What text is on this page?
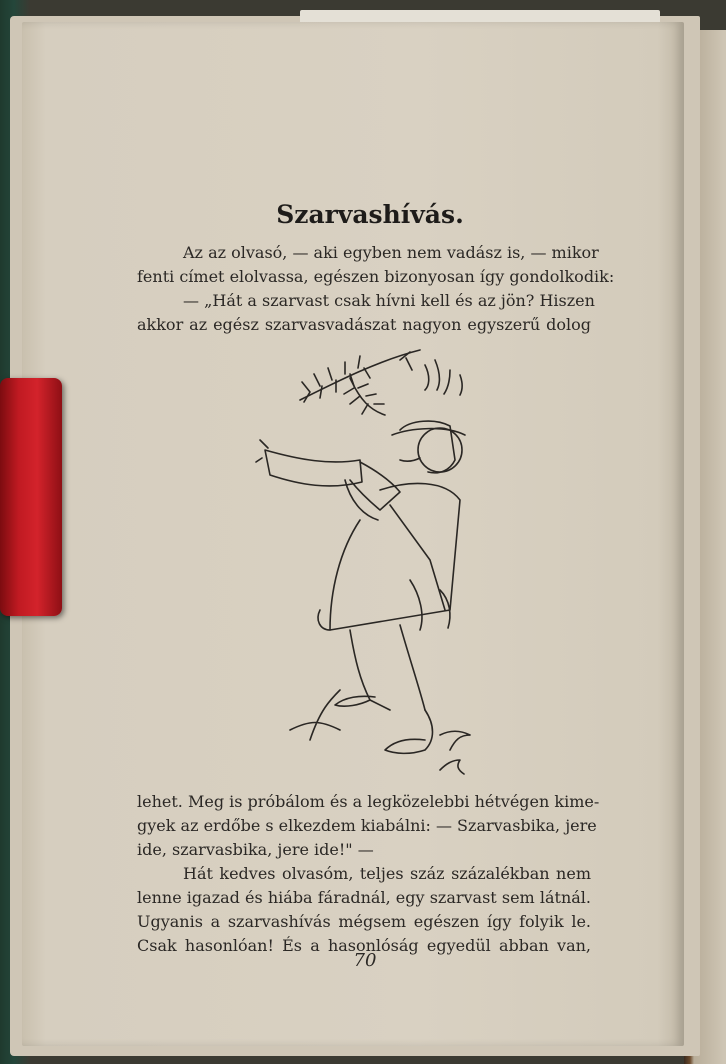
Szarvashívás.
Az az olvasó, — aki egyben nem vadász is, — mikor
fenti címet elolvassa, egészen bizonyosan így gondolkodik:
— „Hát a szarvast csak hívni kell és az jön? Hiszen
akkor az egész szarvasvadászat nagyon egyszerű dolog
lehet. Meg is próbálom és a legközelebbi hétvégen kime-
gyek az erdőbe s elkezdem kiabálni: — Szarvasbika, jere
ide, szarvasbika, jere ide!" —
Hát kedves olvasóm, teljes száz százalékban nem
lenne igazad és hiába fáradnál, egy szarvast sem látnál.
Ugyanis a szarvashívás mégsem egészen így folyik le.
Csak hasonlóan! És a hasonlóság egyedül abban van,
70
